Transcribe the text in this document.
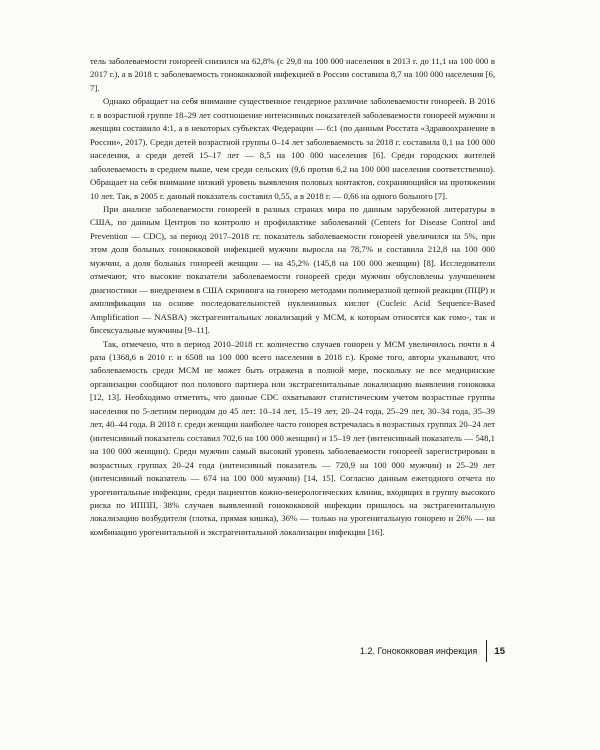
тель заболеваемости гонореей снизился на 62,8% (с 29,8 на 100 000 населения в 2013 г. до 11,1 на 100 000 в 2017 г.), а в 2018 г. заболеваемость гонококковой инфекцией в России составила 8,7 на 100 000 населения [6, 7].

Однако обращает на себя внимание существенное гендерное различие заболеваемости гонореей. В 2016 г. в возрастной группе 18–29 лет соотношение интенсивных показателей заболеваемости гонореей мужчин и женщин составило 4:1, а в некоторых субъектах Федерации — 6:1 (по данным Росстата «Здравоохранение в России», 2017). Среди детей возрастной группы 0–14 лет заболеваемость за 2018 г. составила 0,1 на 100 000 населения, а среди детей 15–17 лет — 8,5 на 100 000 населения [6]. Среди городских жителей заболеваемость в среднем выше, чем среди сельских (9,6 против 6,2 на 100 000 населения соответственно). Обращает на себя внимание низкий уровень выявления половых контактов, сохраняющийся на протяжении 10 лет. Так, в 2005 г. данный показатель составил 0,55, а в 2018 г. — 0,66 на одного больного [7].

При анализе заболеваемости гонореей в разных странах мира по данным зарубежной литературы в США, по данным Центров по контролю и профилактике заболеваний (Centers for Disease Control and Prevention — CDC), за период 2017–2018 гг. показатель заболеваемости гонореей увеличился на 5%, при этом доля больных гонококковой инфекцией мужчин выросла на 78,7% и составила 212,8 на 100 000 мужчин, а доля больных гонореей женщин — на 45,2% (145,8 на 100 000 женщин) [8]. Исследователи отмечают, что высокие показатели заболеваемости гонореей среди мужчин обусловлены улучшением диагностики — внедрением в США скрининга на гонорею методами полимеразной цепной реакции (ПЦР) и амплификации на основе последовательностей нуклеиновых кислот (Cucleic Acid Sequence-Based Amplification — NASBA) экстрагенитальных локализаций у МСМ, к которым относятся как гомо-, так и бисексуальные мужчины [9–11].

Так, отмечено, что в период 2010–2018 гг. количество случаев гонореи у МСМ увеличилось почти в 4 раза (1368,6 в 2010 г. и 6508 на 100 000 всего населения в 2018 г.). Кроме того, авторы указывают, что заболеваемость среди МСМ не может быть отражена в полной мере, поскольку не все медицинские организации сообщают пол полового партнера или экстрагенитальные локализацию выявления гонококка [12, 13]. Необходимо отметить, что данные CDC охватывают статистическим учетом возрастные группы населения по 5-летним периодам до 45 лет: 10–14 лет, 15–19 лет, 20–24 года, 25–29 лет, 30–34 года, 35–39 лет, 40–44 года. В 2018 г. среди женщин наиболее часто гонорея встречалась в возрастных группах 20–24 лет (интенсивный показатель составил 702,6 на 100 000 женщин) и 15–19 лет (интенсивный показатель — 548,1 на 100 000 женщин). Среди мужчин самый высокий уровень заболеваемости гонореей зарегистрирован в возрастных группах 20–24 года (интенсивный показатель — 720,9 на 100 000 мужчин) и 25–29 лет (интенсивный показатель — 674 на 100 000 мужчин) [14, 15]. Согласно данным ежегодного отчета по урогенитальные инфекции, среди пациентов кожно-венерологических клиник, входящих в группу высокого риска по ИППП, 38% случаев выявленной гонококковой инфекции пришлось на экстрагенитальную локализацию возбудителя (глотка, прямая кишка), 36% — только на урогенитальную гонорею и 26% — на комбинацию урогенитальной и экстрагенитальной локализации инфекции [16].

1.2. Гонококковая инфекция 15
